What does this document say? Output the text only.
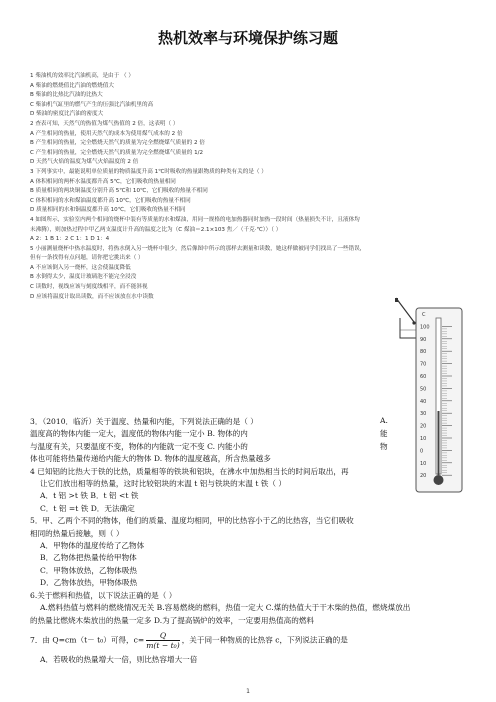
热机效率与环境保护练习题
1 柴油机的效率比汽油机高，是由于 （ ）
A 柴油的燃烧值比汽油的燃烧值大
B 柴油的比热比汽油的比热大
C 柴油机气缸里的燃气产生的压强比汽油机里的高
D 柴油的密度比汽油的密度大
2 查表可知，天然气的热值为煤气热值的 2 倍，这表明（ ）
A 产生相同的热量，使用天然气的成本为使用煤气成本的 2 倍
B 产生相同的热量，完全燃烧天然气的质量为完全燃烧煤气质量的 2 倍
C 产生相同的热量，完全燃烧天然气的质量为完全燃烧煤气质量的 1/2
D 天然气火焰的温度为煤气火焰温度的 2 倍
3 下列事实中，最能说明单位质量的物质温度升高 1℃时吸收的热量跟物质的种类有关的是（ ）
A 体积相同的两杯水温度都升高 5℃，它们吸收的热量相同
B 质量相同的两块铜温度分别升高 5℃和 10℃，它们吸收的热量不相同
C 体积相同的水和煤油温度都升高 10℃，它们吸收的热量不相同
D 质量相同的水和铜温度都升高 10℃，它们吸收的热量不相同
4 如图所示，实验室内两个相同的烧杯中装有等质量的水和煤油，用同一规格的电加热器同时加热一段时间（热量损失不计，且液体均
未沸腾），则加热过程中甲乙两支温度计升高的温度之比为（C 煤油＝2.1×103 焦／（千克·℃））（ ）
A 2：1 B 1：2 C 1：1 D 1：4
5 小丽测量烧杯中热水温度时，将热水倒入另一烧杯中很少，然后像图中所示的那样去测量和读数，她这样做被同学们找出了一些错误，
但有一条找得有点问题，请你把它挑出来（ ）
A 不应该倒入另一烧杯，这会使温度降低
B 水倒得太少，温度计玻璃泡不能完全浸没
C 读数时，视线应该与刻度线相平，而不能斜视
D 应该将温度计取出读数，而不应该放在水中读数
C
100
90
80
70
60
50
40
30
20
10
0
10
20
3．（2010．临沂）关于温度、热量和内能，下列说法正确的是（ ）
温度高的物体内能一定大，温度低的物体内能一定小 B. 物体的内
与温度有关，只要温度不变，物体的内能就一定不变 C. 内能小的
体也可能将热量传递给内能大的物体 D. 物体的温度越高，所含热量越多
4 已知铝的比热大于铁的比热，质量相等的铁块和铝块，在沸水中加热相当长的时间后取出，再
让它们放出相等的热量，这时比较铝块的末温 t 铝与铁块的末温 t 铁（ ）
A．t 铝 >t 铁 B．t 铝 <t 铁
C．t 铝 =t 铁 D．无法确定
5．甲、乙两个不同的物体，他们的质量、温度均相同，甲的比热容小于乙的比热容，当它们吸收
相同的热量后接触，则（ ）
A．甲物体的温度传给了乙物体
B．乙物体把热量传给甲物体
C．甲物体放热，乙物体吸热
D．乙物体放热，甲物体吸热
6.关于燃料和热值，以下说法正确的是（ ）
A.燃料热值与燃料的燃烧情况无关 B.容易燃烧的燃料，热值一定大 C.煤的热值大于干木柴的热值，燃烧煤放出
的热量比燃烧木柴放出的热量一定多 D.为了提高锅炉的效率，一定要用热值高的燃料
7．由 Q=cm（t－ t₀）可得，$c= \frac{Q}{\text{m(t − t₀)}}$ ，关于同一种物质的比热容 c，下列说法正确的是
A．若吸收的热量增大一倍，则比热容增大一倍
A.
能
物
1
